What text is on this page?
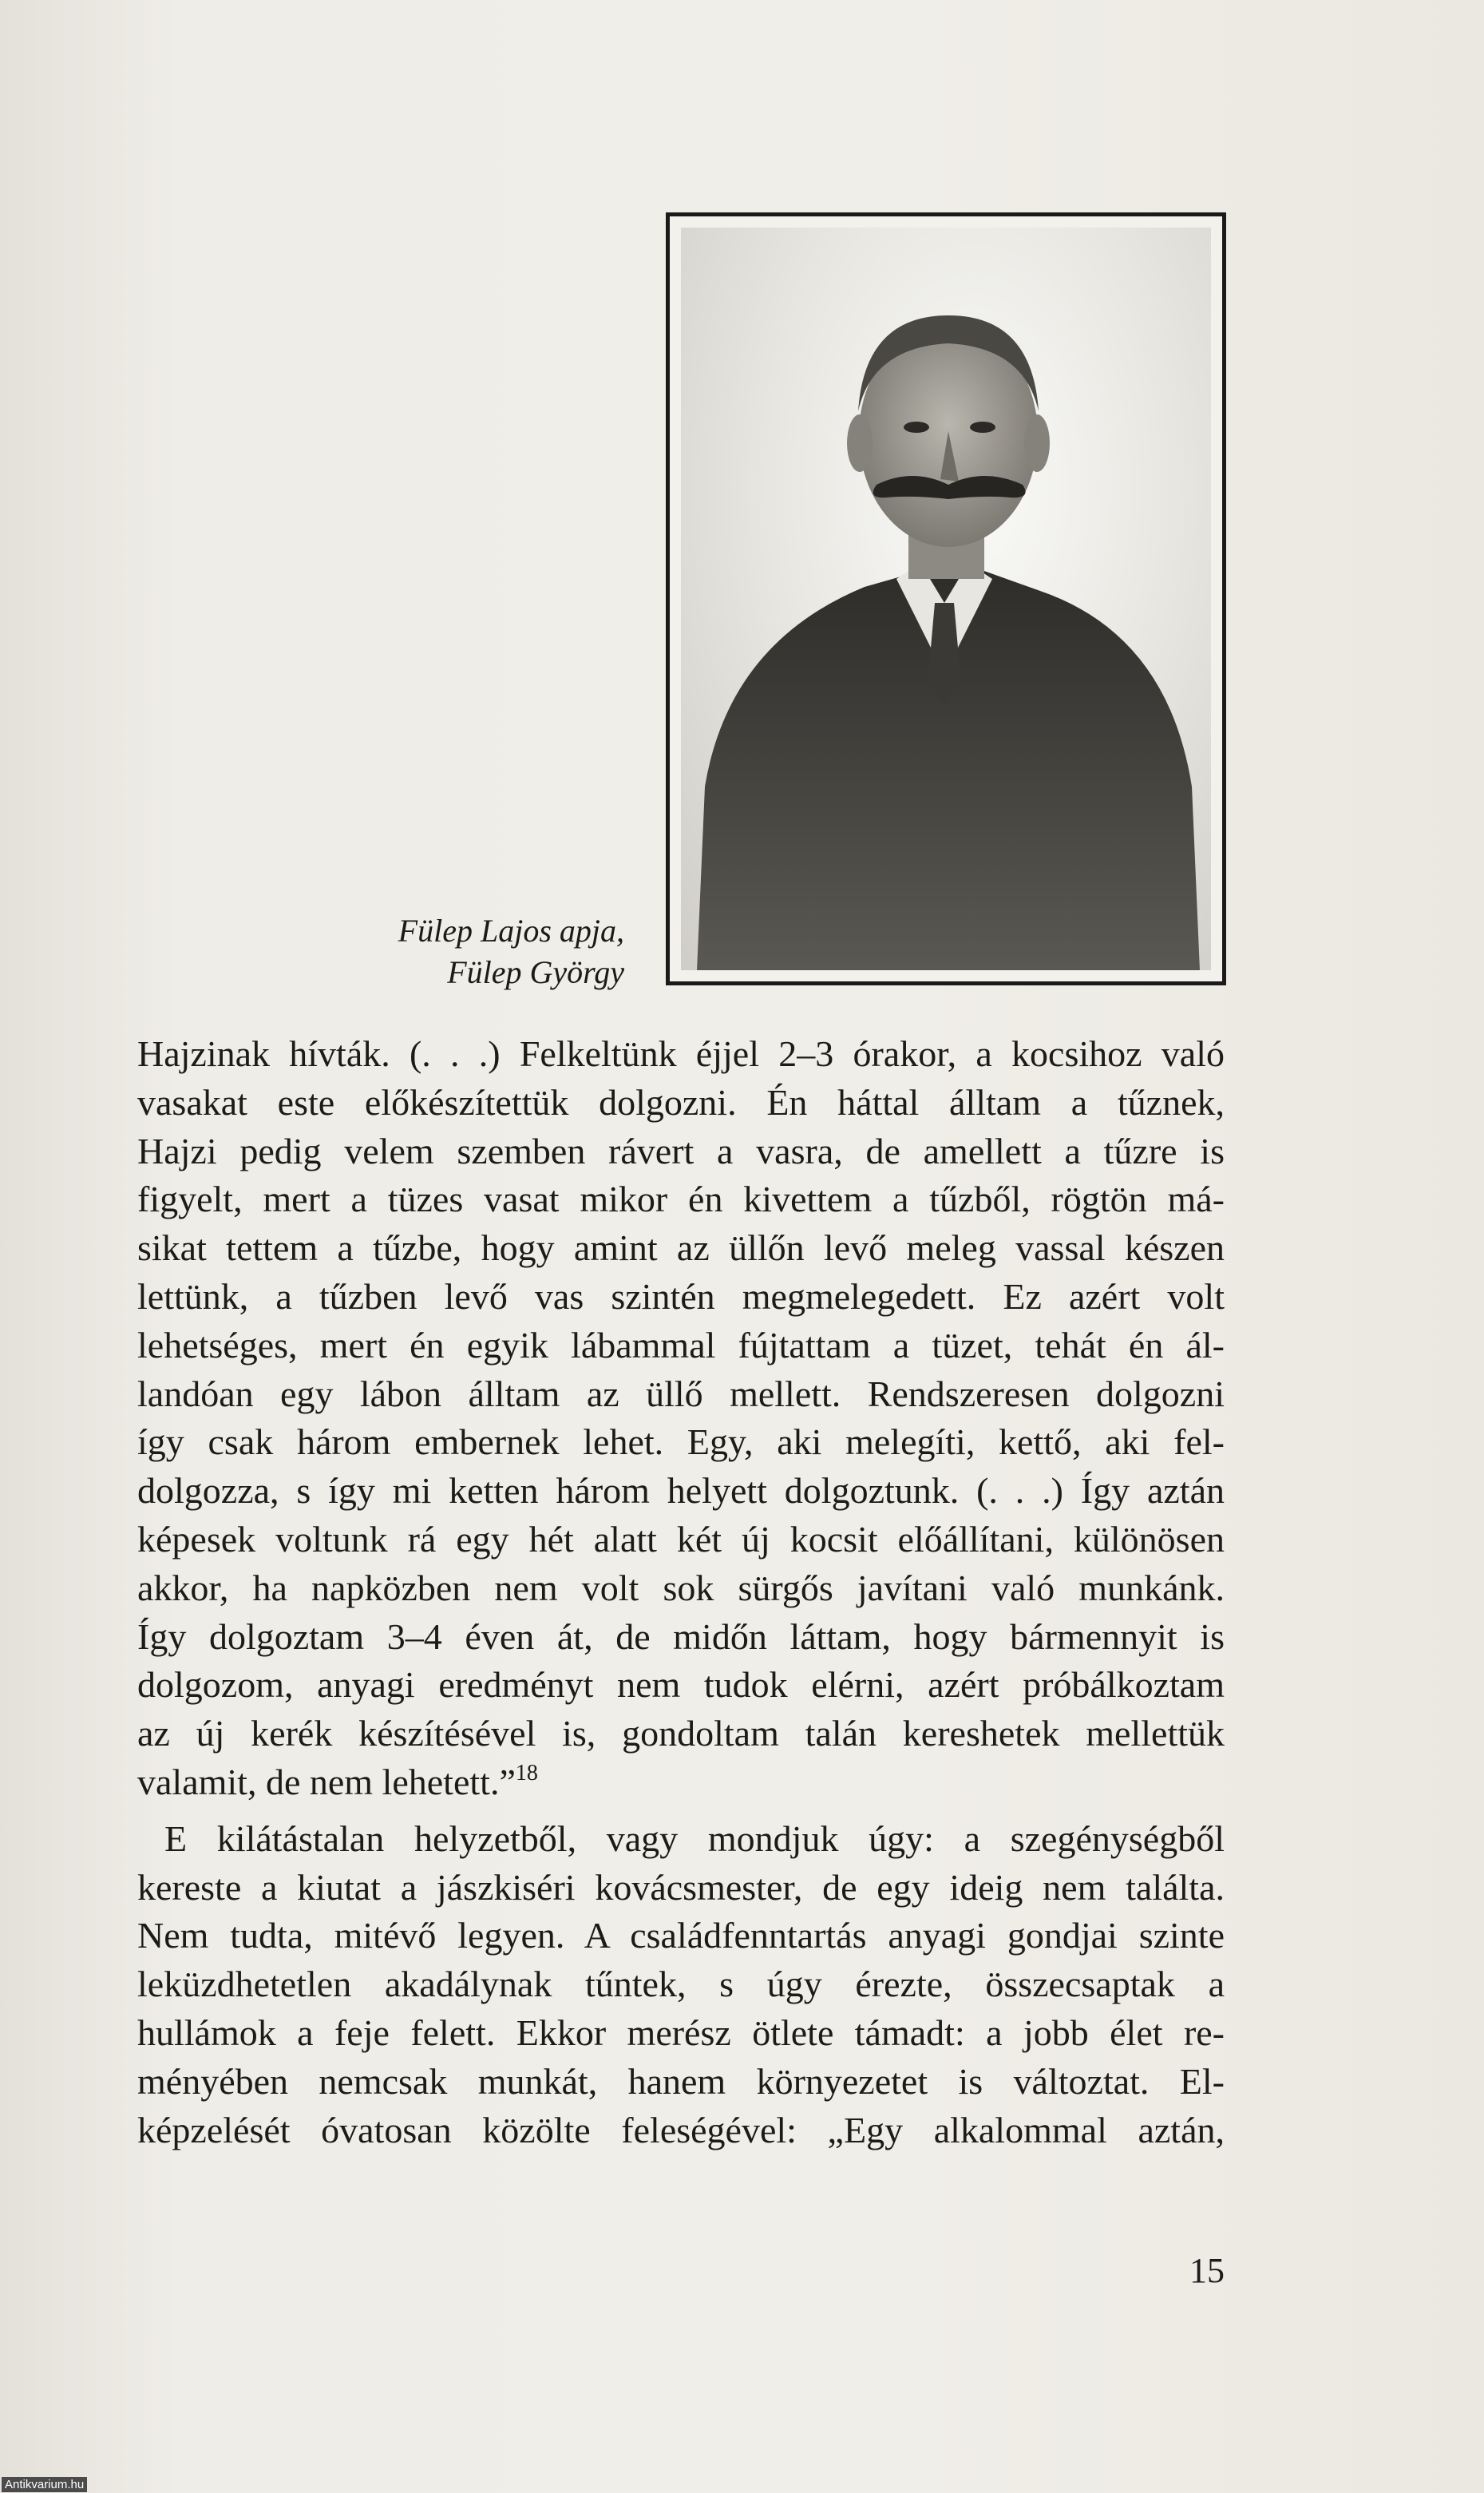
Fülep Lajos apja,
Fülep György
Hajzinak hívták. (. . .) Felkeltünk éjjel 2–3 órakor, a kocsihoz való
vasakat este előkészítettük dolgozni. Én háttal álltam a tűznek,
Hajzi pedig velem szemben rávert a vasra, de amellett a tűzre is
figyelt, mert a tüzes vasat mikor én kivettem a tűzből, rögtön má-
sikat tettem a tűzbe, hogy amint az üllőn levő meleg vassal készen
lettünk, a tűzben levő vas szintén megmelegedett. Ez azért volt
lehetséges, mert én egyik lábammal fújtattam a tüzet, tehát én ál-
landóan egy lábon álltam az üllő mellett. Rendszeresen dolgozni
így csak három embernek lehet. Egy, aki melegíti, kettő, aki fel-
dolgozza, s így mi ketten három helyett dolgoztunk. (. . .) Így aztán
képesek voltunk rá egy hét alatt két új kocsit előállítani, különösen
akkor, ha napközben nem volt sok sürgős javítani való munkánk.
Így dolgoztam 3–4 éven át, de midőn láttam, hogy bármennyit is
dolgozom, anyagi eredményt nem tudok elérni, azért próbálkoztam
az új kerék készítésével is, gondoltam talán kereshetek mellettük
valamit, de nem lehetett.”$^{18}$
E kilátástalan helyzetből, vagy mondjuk úgy: a szegénységből
kereste a kiutat a jászkiséri kovácsmester, de egy ideig nem találta.
Nem tudta, mitévő legyen. A családfenntartás anyagi gondjai szinte
leküzdhetetlen akadálynak tűntek, s úgy érezte, összecsaptak a
hullámok a feje felett. Ekkor merész ötlete támadt: a jobb élet re-
ményében nemcsak munkát, hanem környezetet is változtat. El-
képzelését óvatosan közölte feleségével: „Egy alkalommal aztán,
15
Antikvarium.hu
